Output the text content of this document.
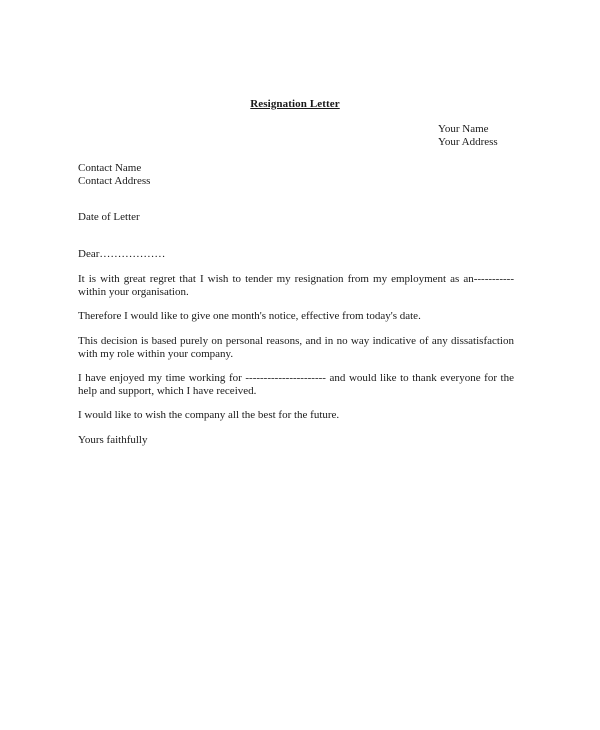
Resignation Letter
Your Name
Your Address
Contact Name
Contact Address
Date of Letter
Dear………………
It is with great regret that I wish to tender my resignation from my employment as an----------- within your organisation.
Therefore I would like to give one month's notice, effective from today's date.
This decision is based purely on personal reasons, and in no way indicative of any dissatisfaction with my role within your company.
I have enjoyed my time working for ---------------------- and would like to thank everyone for the help and support, which I have received.
I would like to wish the company all the best for the future.
Yours faithfully
